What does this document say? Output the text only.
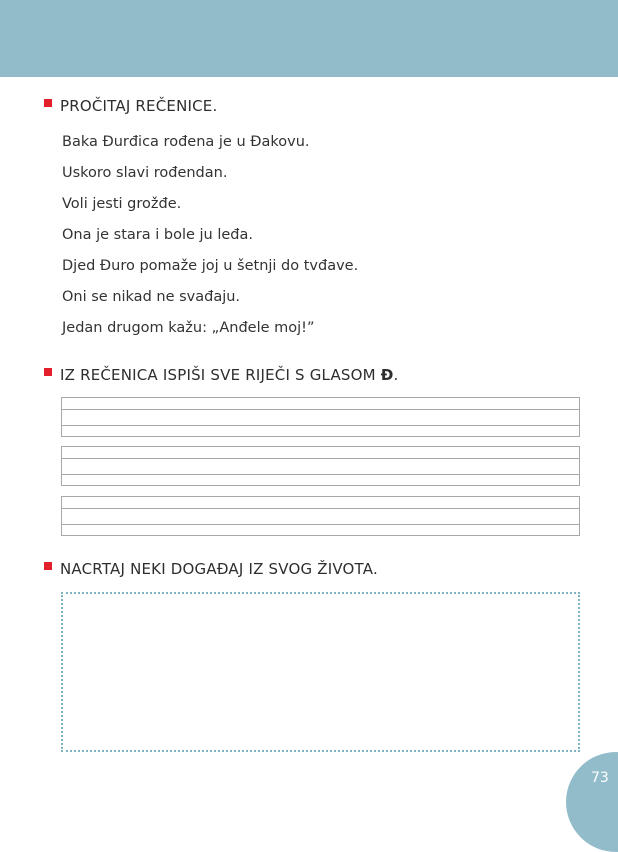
PROČITAJ REČENICE.
Baka Đurđica rođena je u Đakovu.
Uskoro slavi rođendan.
Voli jesti grožđe.
Ona je stara i bole ju leđa.
Djed Đuro pomaže joj u šetnji do tvđave.
Oni se nikad ne svađaju.
Jedan drugom kažu: „Anđele moj!”
IZ REČENICA ISPIŠI SVE RIJEČI S GLASOM Đ.
NACRTAJ NEKI DOGAĐAJ IZ SVOG ŽIVOTA.
73
